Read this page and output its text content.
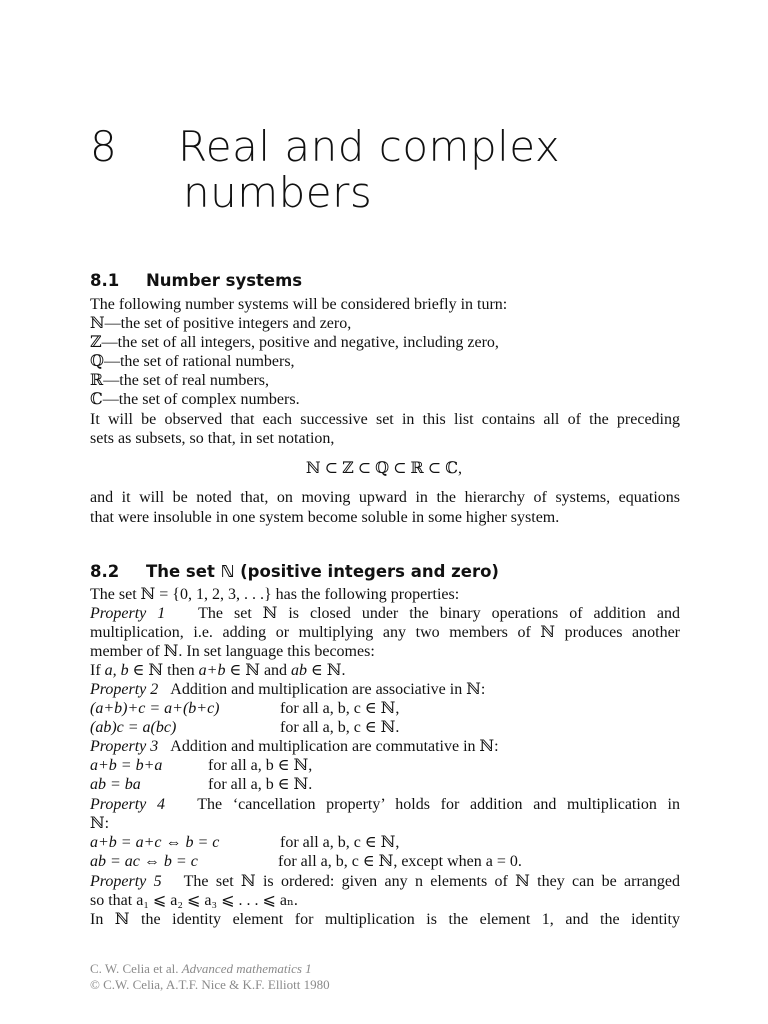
8 Real and complex
numbers
8.1 Number systems
The following number systems will be considered briefly in turn:
ℕ—the set of positive integers and zero,
ℤ—the set of all integers, positive and negative, including zero,
ℚ—the set of rational numbers,
ℝ—the set of real numbers,
ℂ—the set of complex numbers.
It will be observed that each successive set in this list contains all of the preceding
sets as subsets, so that, in set notation,
ℕ ⊂ ℤ ⊂ ℚ ⊂ ℝ ⊂ ℂ,
and it will be noted that, on moving upward in the hierarchy of systems, equations
that were insoluble in one system become soluble in some higher system.
8.2 The set ℕ (positive integers and zero)
The set ℕ = {0, 1, 2, 3, . . .} has the following properties:
Property 1 The set ℕ is closed under the binary operations of addition and
multiplication, i.e. adding or multiplying any two members of ℕ produces another
member of ℕ. In set language this becomes:
If a, b ∈ ℕ then a+b ∈ ℕ and ab ∈ ℕ.
Property 2 Addition and multiplication are associative in ℕ:
(a+b)+c = a+(b+c)	for all a, b, c ∈ ℕ,
(ab)c = a(bc)	for all a, b, c ∈ ℕ.
Property 3 Addition and multiplication are commutative in ℕ:
a+b = b+a	for all a, b ∈ ℕ,
ab = ba	for all a, b ∈ ℕ.
Property 4 The ‘cancellation property’ holds for addition and multiplication in
ℕ:
a+b = a+c ⇔ b = c	for all a, b, c ∈ ℕ,
ab = ac ⇔ b = c	for all a, b, c ∈ ℕ, except when a = 0.
Property 5 The set ℕ is ordered: given any n elements of ℕ they can be arranged
so that a₁ ⩽ a₂ ⩽ a₃ ⩽ . . . ⩽ aₙ.
In ℕ the identity element for multiplication is the element 1, and the identity
C. W. Celia et al. Advanced mathematics 1
© C.W. Celia, A.T.F. Nice & K.F. Elliott 1980
